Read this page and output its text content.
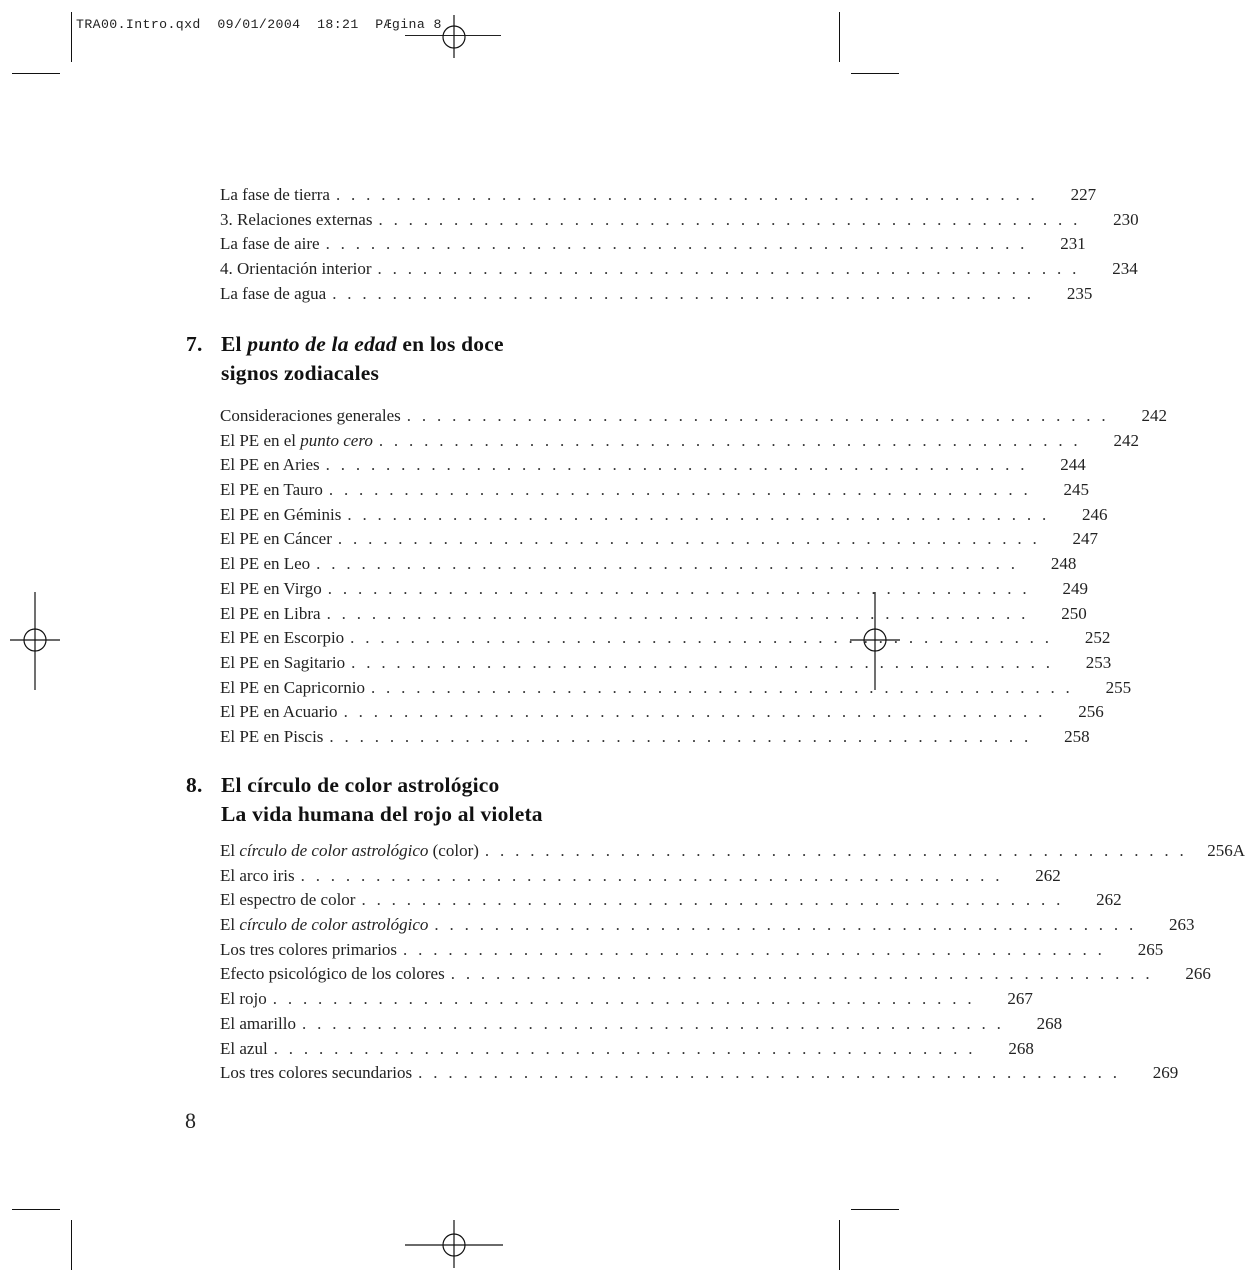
TRA00.Intro.qxd  09/01/2004  18:21  PÆgina 8
La fase de tierra . . . . . . . . . . . . . . . . . . . . . . . . . . . . . . . . . . . . . . . . . . . . . . .	227
3. Relaciones externas . . . . . . . . . . . . . . . . . . . . . . . . . . . . . . . . . . . . . . . . . . . . . . .	230
La fase de aire . . . . . . . . . . . . . . . . . . . . . . . . . . . . . . . . . . . . . . . . . . . . . . .	231
4. Orientación interior . . . . . . . . . . . . . . . . . . . . . . . . . . . . . . . . . . . . . . . . . . . . . . .	234
La fase de agua . . . . . . . . . . . . . . . . . . . . . . . . . . . . . . . . . . . . . . . . . . . . . . .	235
7. El punto de la edad en los doce
signos zodiacales
Consideraciones generales . . . . . . . . . . . . . . . . . . . . . . . . . . . . . . . . . . . . . . . . . . . . . . .	242
El PE en el punto cero . . . . . . . . . . . . . . . . . . . . . . . . . . . . . . . . . . . . . . . . . . . . . . .	242
El PE en Aries . . . . . . . . . . . . . . . . . . . . . . . . . . . . . . . . . . . . . . . . . . . . . . .	244
El PE en Tauro . . . . . . . . . . . . . . . . . . . . . . . . . . . . . . . . . . . . . . . . . . . . . . .	245
El PE en Géminis . . . . . . . . . . . . . . . . . . . . . . . . . . . . . . . . . . . . . . . . . . . . . . .	246
El PE en Cáncer . . . . . . . . . . . . . . . . . . . . . . . . . . . . . . . . . . . . . . . . . . . . . . .	247
El PE en Leo . . . . . . . . . . . . . . . . . . . . . . . . . . . . . . . . . . . . . . . . . . . . . . .	248
El PE en Virgo . . . . . . . . . . . . . . . . . . . . . . . . . . . . . . . . . . . . . . . . . . . . . . .	249
El PE en Libra . . . . . . . . . . . . . . . . . . . . . . . . . . . . . . . . . . . . . . . . . . . . . . .	250
El PE en Escorpio . . . . . . . . . . . . . . . . . . . . . . . . . . . . . . . . . . . . . . . . . . . . . . .	252
El PE en Sagitario . . . . . . . . . . . . . . . . . . . . . . . . . . . . . . . . . . . . . . . . . . . . . . .	253
El PE en Capricornio . . . . . . . . . . . . . . . . . . . . . . . . . . . . . . . . . . . . . . . . . . . . . . .	255
El PE en Acuario . . . . . . . . . . . . . . . . . . . . . . . . . . . . . . . . . . . . . . . . . . . . . . .	256
El PE en Piscis . . . . . . . . . . . . . . . . . . . . . . . . . . . . . . . . . . . . . . . . . . . . . . .	258
8. El círculo de color astrológico
La vida humana del rojo al violeta
El círculo de color astrológico (color) . . . . . . . . . . . . . . . . . . . . . . . . . . . . . . . . . . . . . . . . . . . . . . .	256A
El arco iris . . . . . . . . . . . . . . . . . . . . . . . . . . . . . . . . . . . . . . . . . . . . . . .	262
El espectro de color . . . . . . . . . . . . . . . . . . . . . . . . . . . . . . . . . . . . . . . . . . . . . . .	262
El círculo de color astrológico . . . . . . . . . . . . . . . . . . . . . . . . . . . . . . . . . . . . . . . . . . . . . . .	263
Los tres colores primarios . . . . . . . . . . . . . . . . . . . . . . . . . . . . . . . . . . . . . . . . . . . . . . .	265
Efecto psicológico de los colores . . . . . . . . . . . . . . . . . . . . . . . . . . . . . . . . . . . . . . . . . . . . . . .	266
El rojo . . . . . . . . . . . . . . . . . . . . . . . . . . . . . . . . . . . . . . . . . . . . . . .	267
El amarillo . . . . . . . . . . . . . . . . . . . . . . . . . . . . . . . . . . . . . . . . . . . . . . .	268
El azul . . . . . . . . . . . . . . . . . . . . . . . . . . . . . . . . . . . . . . . . . . . . . . .	268
Los tres colores secundarios . . . . . . . . . . . . . . . . . . . . . . . . . . . . . . . . . . . . . . . . . . . . . . .	269
8
